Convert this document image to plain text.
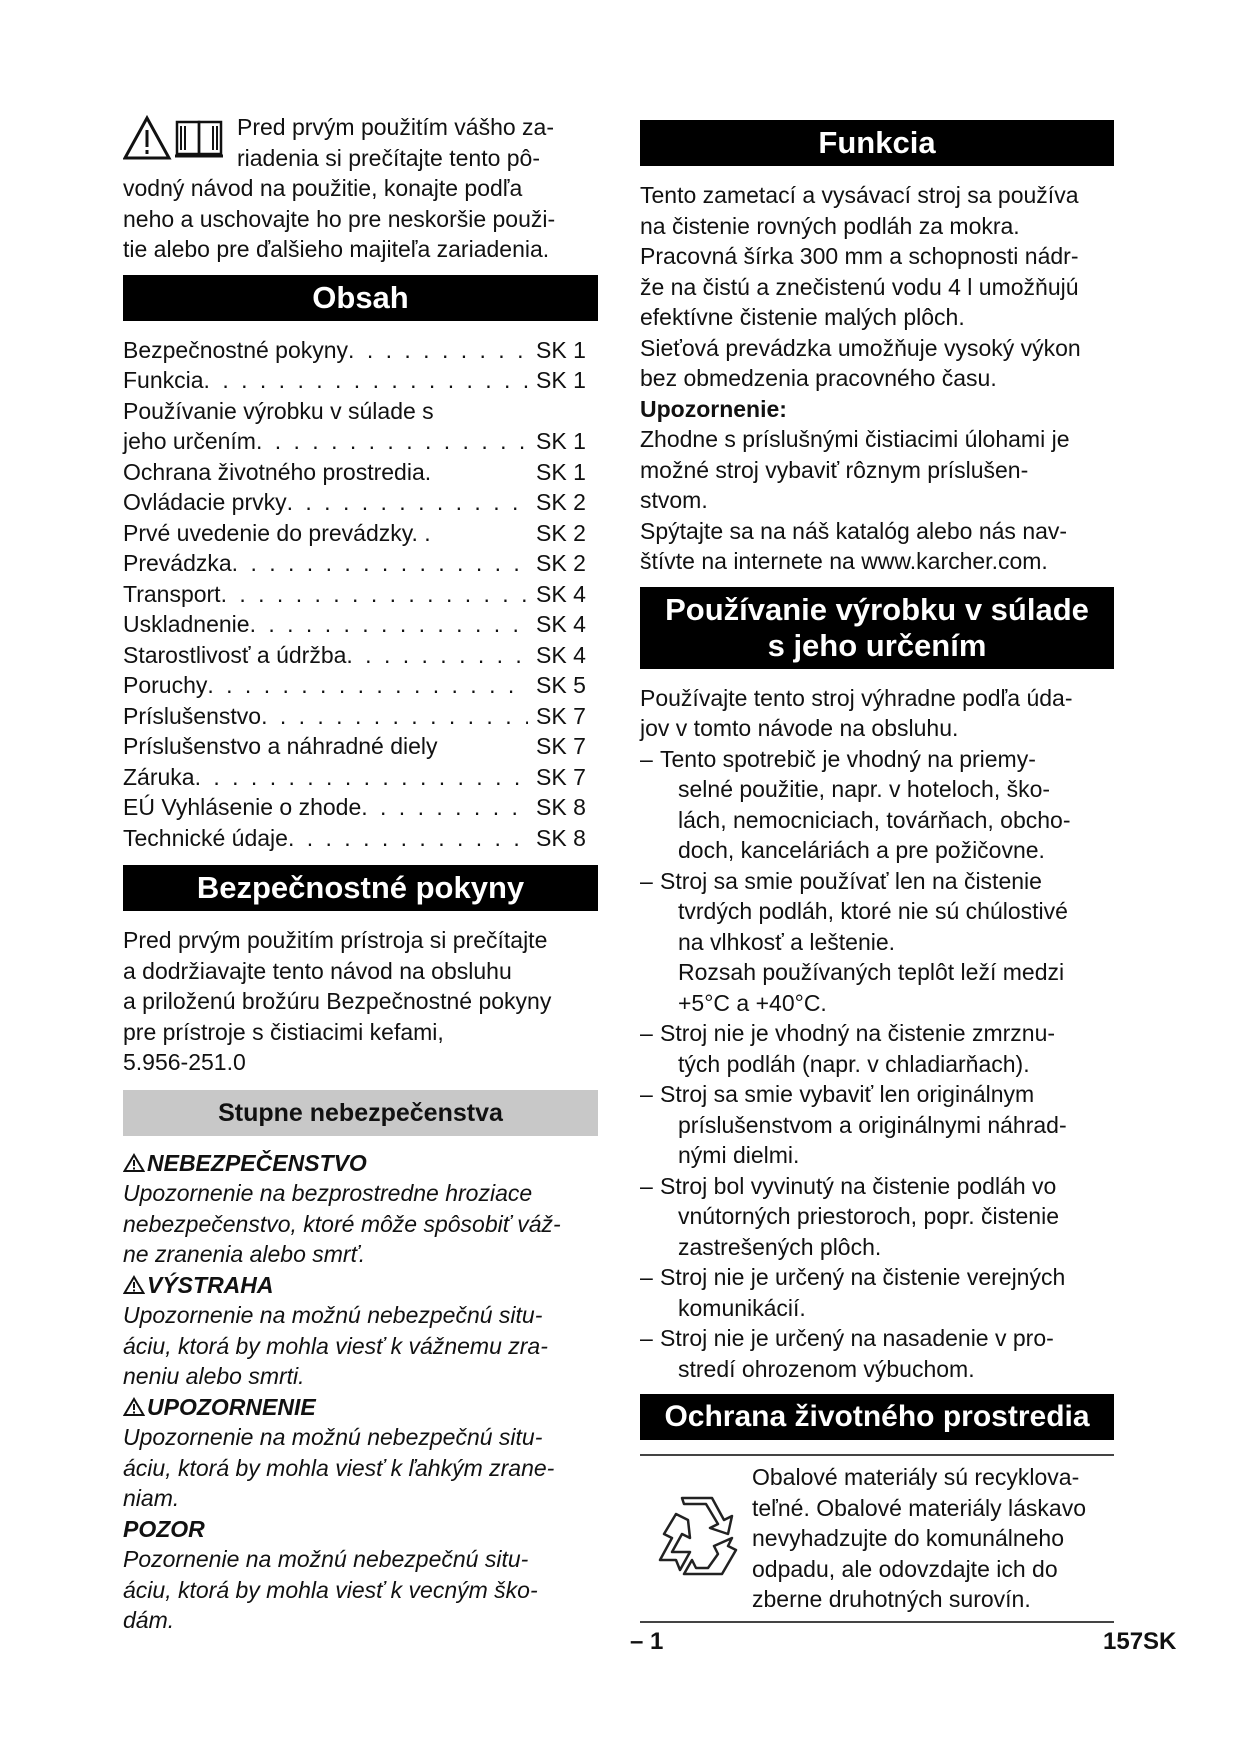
Pred prvým použitím vášho za-
riadenia si prečítajte tento pô-
vodný návod na použitie, konajte podľa
neho a uschovajte ho pre neskoršie použi-
tie alebo pre ďalšieho majiteľa zariadenia.
Obsah
Bezpečnostné pokyny . . .	SK 1
Funkcia . . .	SK 1
Používanie výrobku v súlade s
jeho určením . . .	SK 1
Ochrana životného prostredia.	SK 1
Ovládacie prvky . . .	SK 2
Prvé uvedenie do prevádzky. .	SK 2
Prevádzka . . .	SK 2
Transport . . .	SK 4
Uskladnenie . . .	SK 4
Starostlivosť a údržba . . .	SK 4
Poruchy . . .	SK 5
Príslušenstvo . . .	SK 7
Príslušenstvo a náhradné diely	SK 7
Záruka . . .	SK 7
EÚ Vyhlásenie o zhode . . .	SK 8
Technické údaje . . .	SK 8
Bezpečnostné pokyny

Pred prvým použitím prístroja si prečítajte

a dodržiavajte tento návod na obsluhu

a priloženú brožúru Bezpečnostné pokyny

pre prístroje s čistiacimi kefami,

5.956-251.0

Stupne nebezpečenstva
NEBEZPEČENSTVO

Upozornenie na bezprostredne hroziace

nebezpečenstvo, ktoré môže spôsobiť váž-

ne zranenia alebo smrť.

VÝSTRAHA

Upozornenie na možnú nebezpečnú situ-

áciu, ktorá by mohla viesť k vážnemu zra-

neniu alebo smrti.

UPOZORNENIE

Upozornenie na možnú nebezpečnú situ-

áciu, ktorá by mohla viesť k ľahkým zrane-

niam.

POZOR

Pozornenie na možnú nebezpečnú situ-

áciu, ktorá by mohla viesť k vecným ško-

dám.

Funkcia

Tento zametací a vysávací stroj sa používa

na čistenie rovných podláh za mokra.

Pracovná šírka 300 mm a schopnosti nádr-

že na čistú a znečistenú vodu 4 l umožňujú

efektívne čistenie malých plôch.

Sieťová prevádzka umožňuje vysoký výkon

bez obmedzenia pracovného času.

Upozornenie:

Zhodne s príslušnými čistiacimi úlohami je

možné stroj vybaviť rôznym príslušen-

stvom.

Spýtajte sa na náš katalóg alebo nás nav-

štívte na internete na www.karcher.com.

Používanie výrobku v súlade
s jeho určením

Používajte tento stroj výhradne podľa úda-

jov v tomto návode na obsluhu.

– Tento spotrebič je vhodný na priemy-
selné použitie, napr. v hoteloch, ško-
lách, nemocniciach, továrňach, obcho-
doch, kanceláriách a pre požičovne.
– Stroj sa smie používať len na čistenie
tvrdých podláh, ktoré nie sú chúlostivé
na vlhkosť a leštenie.
Rozsah používaných teplôt leží medzi
+5°C a +40°C.
– Stroj nie je vhodný na čistenie zmrznu-
tých podláh (napr. v chladiarňach).
– Stroj sa smie vybaviť len originálnym
príslušenstvom a originálnymi náhrad-
nými dielmi.
– Stroj bol vyvinutý na čistenie podláh vo
vnútorných priestoroch, popr. čistenie
zastrešených plôch.
– Stroj nie je určený na čistenie verejných
komunikácií.
– Stroj nie je určený na nasadenie v pro-
stredí ohrozenom výbuchom.
Ochrana životného prostredia

Obalové materiály sú recyklova-

teľné. Obalové materiály láskavo

nevyhadzujte do komunálneho

odpadu, ale odovzdajte ich do

zberne druhotných surovín.

– 1	157SK
